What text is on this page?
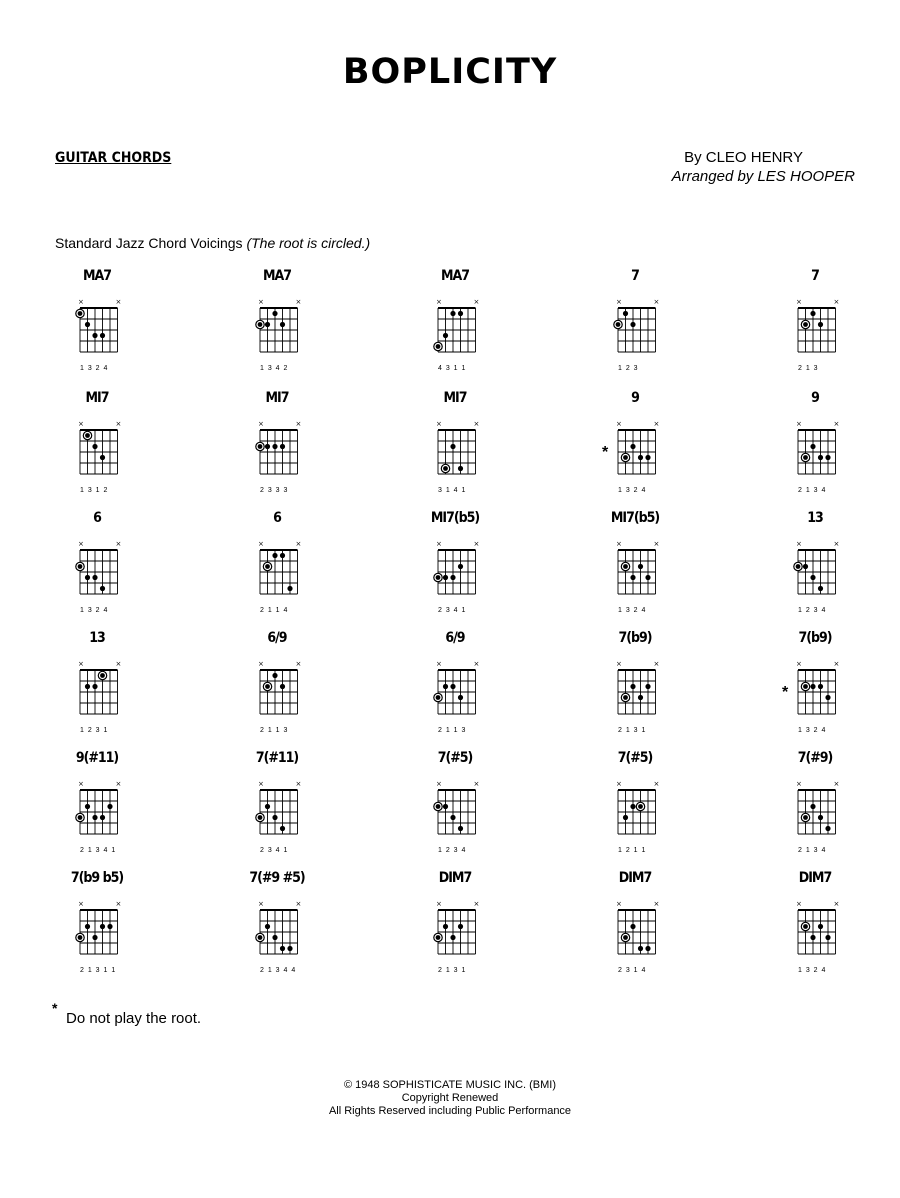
BOPLICITY
GUITAR CHORDS	By CLEO HENRY
Arranged by LES HOOPER
Standard Jazz Chord Voicings (The root is circled.)
MA7
×	×
1 3 2 4
MA7
×	×
1 3 4 2
MA7
×	×
4 3 1 1
7
×	×
1 2 3
7
×	×
2 1 3
MI7
×	×
1 3 1 2
MI7
×	×
2 3 3 3
MI7
×	×
3 1 4 1
9
×	×
1 3 2 4
*
9
×	×
2 1 3 4
6
×	×
1 3 2 4
6
×	×
2 1 1 4
MI7(b5)
×	×
2 3 4 1
MI7(b5)
×	×
1 3 2 4
13
×	×
1 2 3 4
13
×	×
1 2 3 1
6/9
×	×
2 1 1 3
6/9
×	×
2 1 1 3
7(b9)
×	×
2 1 3 1
7(b9)
×	×
1 3 2 4
*
9(#11)
×	×
2 1 3 4 1
7(#11)
×	×
2 3 4 1
7(#5)
×	×
1 2 3 4
7(#5)
×	×
1 2 1 1
7(#9)
×	×
2 1 3 4
7(b9 b5)
×	×
2 1 3 1 1
7(#9 #5)
×	×
2 1 3 4 4
DIM7
×	×
2 1 3 1
DIM7
×	×
2 3 1 4
DIM7
×	×
1 3 2 4
*
Do not play the root.
© 1948 SOPHISTICATE MUSIC INC. (BMI)
Copyright Renewed
All Rights Reserved including Public Performance
